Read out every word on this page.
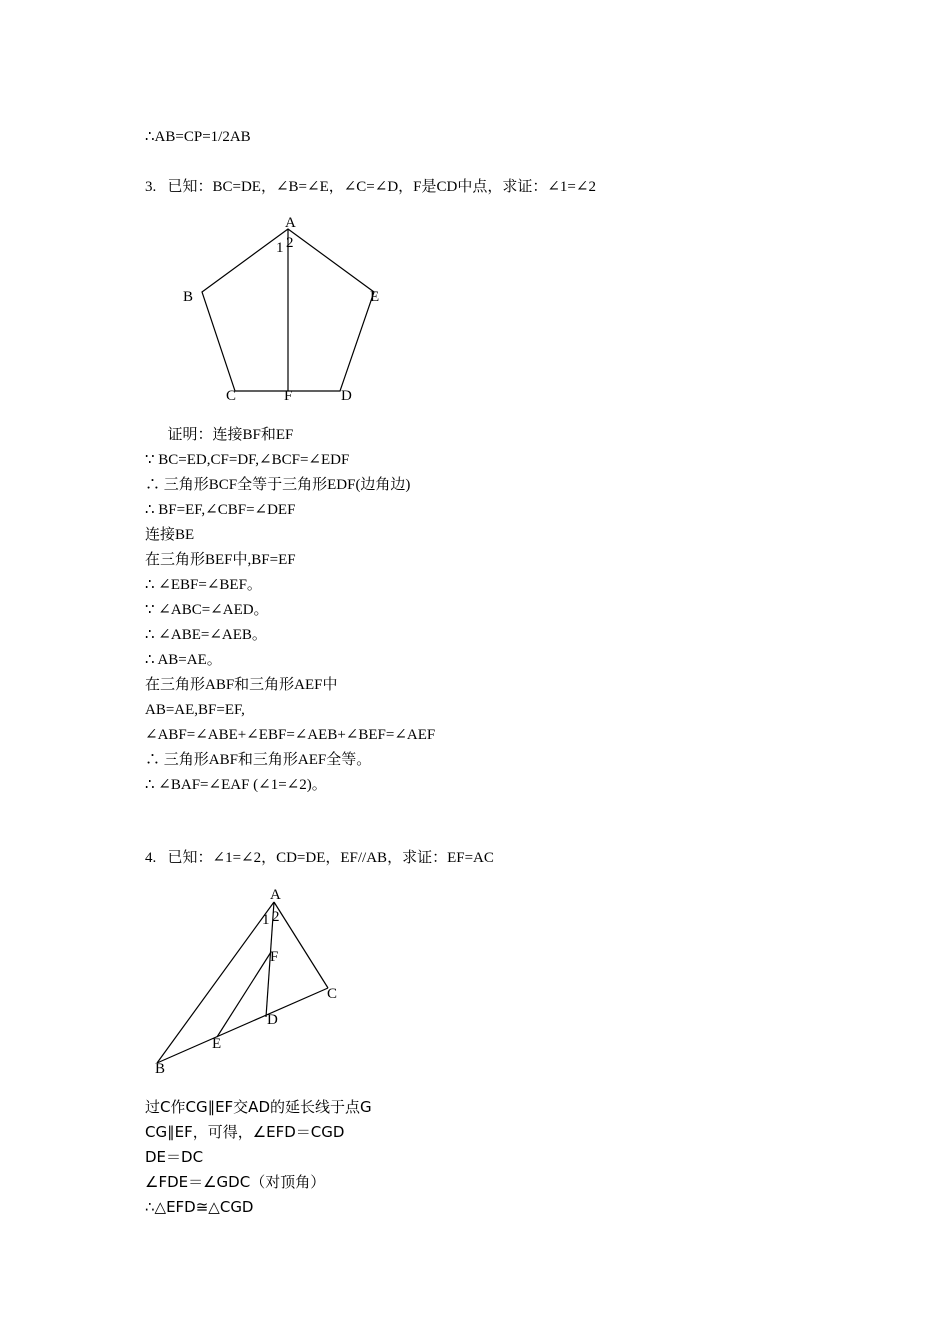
∴AB=CP=1/2AB
3.   已知：BC=DE，∠B=∠E，∠C=∠D，F是CD中点，求证：∠1=∠2
A
1 2
B	E
C	F	D
证明：连接BF和EF
∵ BC=ED,CF=DF,∠BCF=∠EDF
∴ 三角形BCF全等于三角形EDF(边角边)
∴ BF=EF,∠CBF=∠DEF
连接BE
在三角形BEF中,BF=EF
∴ ∠EBF=∠BEF。
∵ ∠ABC=∠AED。
∴ ∠ABE=∠AEB。
∴ AB=AE。
在三角形ABF和三角形AEF中
AB=AE,BF=EF,
∠ABF=∠ABE+∠EBF=∠AEB+∠BEF=∠AEF
∴ 三角形ABF和三角形AEF全等。
∴ ∠BAF=∠EAF (∠1=∠2)。
4.   已知：∠1=∠2，CD=DE，EF//AB，求证：EF=AC
A
1 2
F
C
D
E
B
过C作CG∥EF交AD的延长线于点G
CG∥EF，可得，∠EFD＝CGD
DE＝DC
∠FDE＝∠GDC（对顶角）
∴△EFD≅△CGD
